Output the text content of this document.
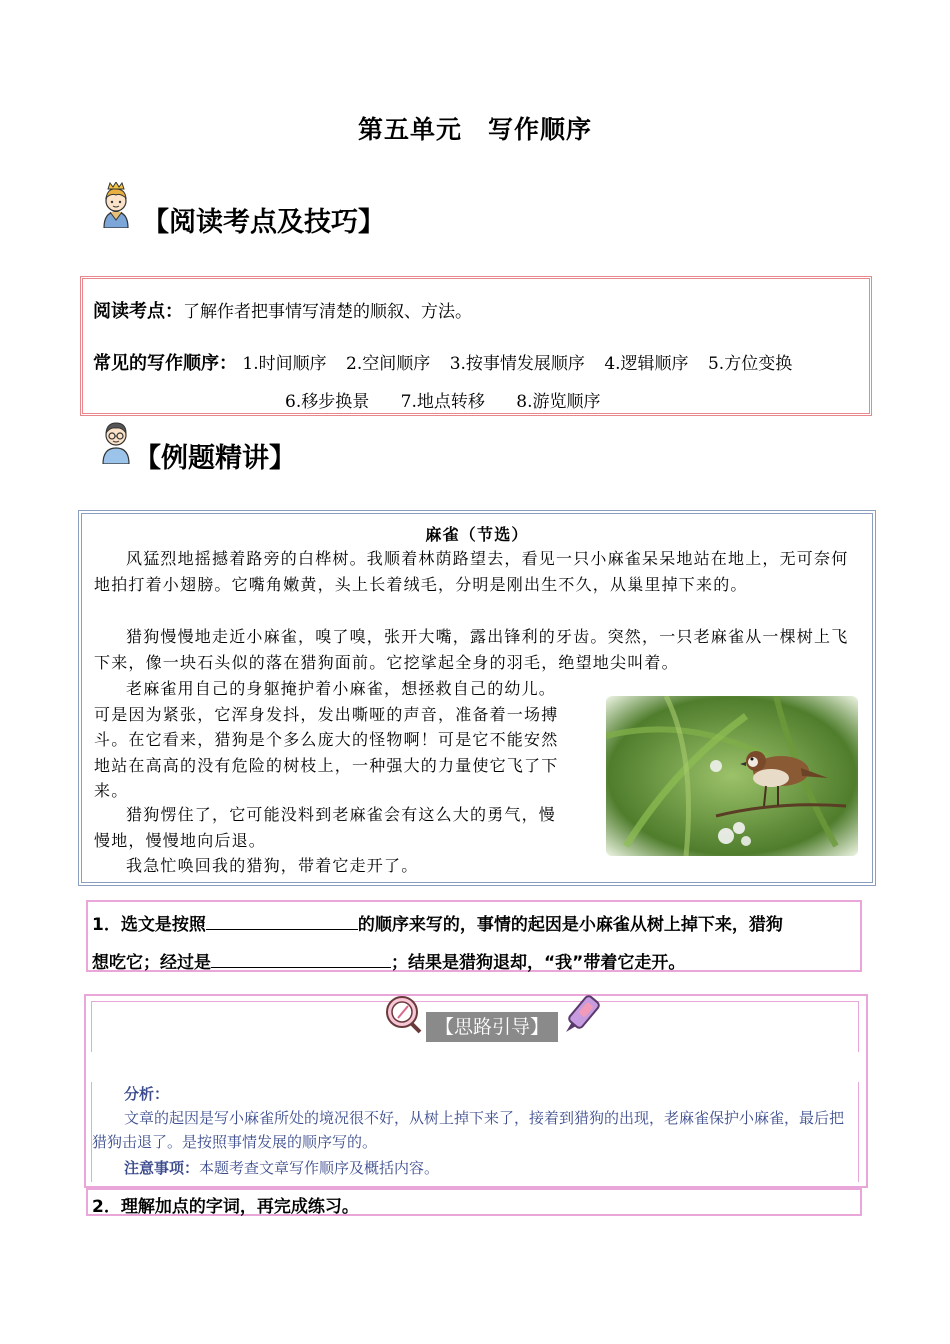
第五单元　写作顺序
【阅读考点及技巧】
阅读考点：了解作者把事情写清楚的顺叙、方法。
常见的写作顺序： 1.时间顺序 2.空间顺序 3.按事情发展顺序 4.逻辑顺序 5.方位变换
6.移步换景 7.地点转移 8.游览顺序
【例题精讲】
麻雀（节选）
风猛烈地摇撼着路旁的白桦树。我顺着林荫路望去，看见一只小麻雀呆呆地站在地上，无可奈何地拍打着小翅膀。它嘴角嫩黄，头上长着绒毛，分明是刚出生不久，从巢里掉下来的。
猎狗慢慢地走近小麻雀，嗅了嗅，张开大嘴，露出锋利的牙齿。突然，一只老麻雀从一棵树上飞下来，像一块石头似的落在猎狗面前。它挖挲起全身的羽毛，绝望地尖叫着。
老麻雀用自己的身躯掩护着小麻雀，想拯救自己的幼儿。可是因为紧张，它浑身发抖，发出嘶哑的声音，准备着一场搏斗。在它看来，猎狗是个多么庞大的怪物啊！可是它不能安然地站在高高的没有危险的树枝上，一种强大的力量使它飞了下来。
猎狗愣住了，它可能没料到老麻雀会有这么大的勇气，慢慢地，慢慢地向后退。
我急忙唤回我的猎狗，带着它走开了。
1．选文是按照	的顺序来写的，事情的起因是小麻雀从树上掉下来，猎狗
想吃它；经过是	；结果是猎狗退却，“我”带着它走开。
【思路引导】
分析：
文章的起因是写小麻雀所处的境况很不好，从树上掉下来了，接着到猎狗的出现，老麻雀保护小麻雀，最后把猎狗击退了。是按照事情发展的顺序写的。
注意事项：本题考查文章写作顺序及概括内容。
2．理解加点的字词，再完成练习。
